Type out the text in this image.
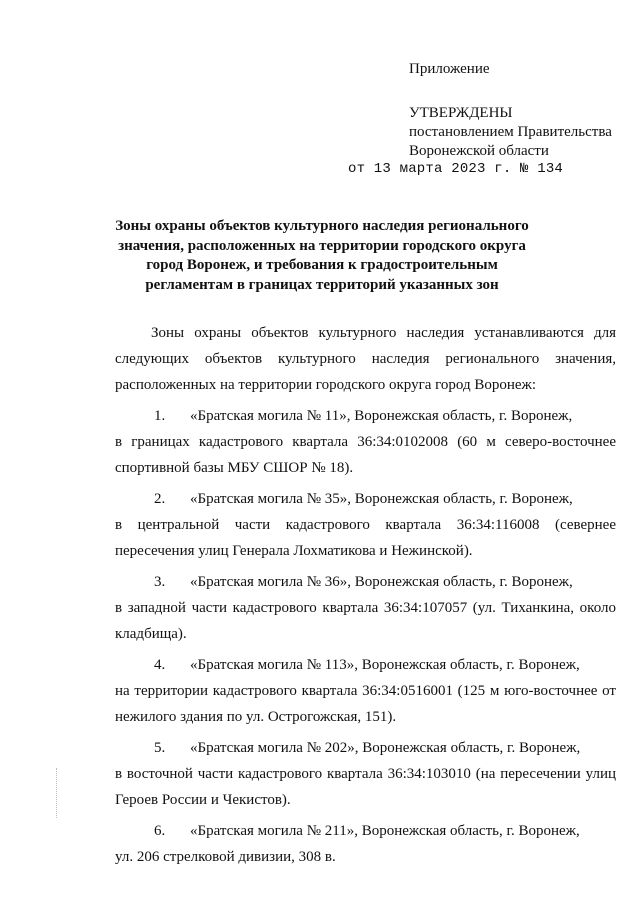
Приложение
УТВЕРЖДЕНЫ
постановлением Правительства
Воронежской области
от 13 марта 2023 г. № 134
Зоны охраны объектов культурного наследия регионального значения, расположенных на территории городского округа город Воронеж, и требования к градостроительным регламентам в границах территорий указанных зон

Зоны охраны объектов культурного наследия устанавливаются для следующих объектов культурного наследия регионального значения, расположенных на территории городского округа город Воронеж:

1. «Братская могила № 11», Воронежская область, г. Воронеж,
в границах кадастрового квартала 36:34:0102008 (60 м северо-восточнее спортивной базы МБУ СШОР № 18).
2. «Братская могила № 35», Воронежская область, г. Воронеж,
в центральной части кадастрового квартала 36:34:116008 (севернее пересечения улиц Генерала Лохматикова и Нежинской).
3. «Братская могила № 36», Воронежская область, г. Воронеж,
в западной части кадастрового квартала 36:34:107057 (ул. Тиханкина, около кладбища).
4. «Братская могила № 113», Воронежская область, г. Воронеж,
на территории кадастрового квартала 36:34:0516001 (125 м юго-восточнее от нежилого здания по ул. Острогожская, 151).
5. «Братская могила № 202», Воронежская область, г. Воронеж,
в восточной части кадастрового квартала 36:34:103010 (на пересечении улиц Героев России и Чекистов).
6. «Братская могила № 211», Воронежская область, г. Воронеж,
ул. 206 стрелковой дивизии, 308 в.
